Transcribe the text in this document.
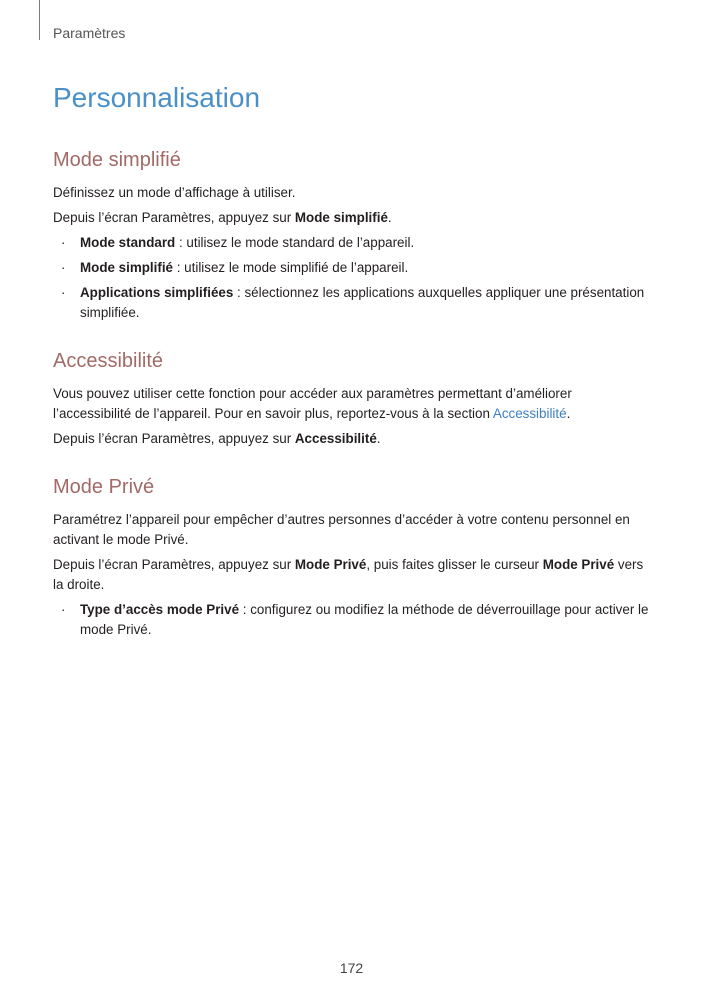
Paramètres
Personnalisation
Mode simplifié

Définissez un mode d’affichage à utiliser.

Depuis l’écran Paramètres, appuyez sur Mode simplifié.

· Mode standard : utilisez le mode standard de l’appareil.
· Mode simplifié : utilisez le mode simplifié de l’appareil.
· Applications simplifiées : sélectionnez les applications auxquelles appliquer une présentation simplifiée.
Accessibilité

Vous pouvez utiliser cette fonction pour accéder aux paramètres permettant d’améliorer l’accessibilité de l’appareil. Pour en savoir plus, reportez-vous à la section Accessibilité.

Depuis l’écran Paramètres, appuyez sur Accessibilité.

Mode Privé

Paramétrez l’appareil pour empêcher d’autres personnes d’accéder à votre contenu personnel en activant le mode Privé.

Depuis l’écran Paramètres, appuyez sur Mode Privé, puis faites glisser le curseur Mode Privé vers la droite.

· Type d’accès mode Privé : configurez ou modifiez la méthode de déverrouillage pour activer le mode Privé.
172
